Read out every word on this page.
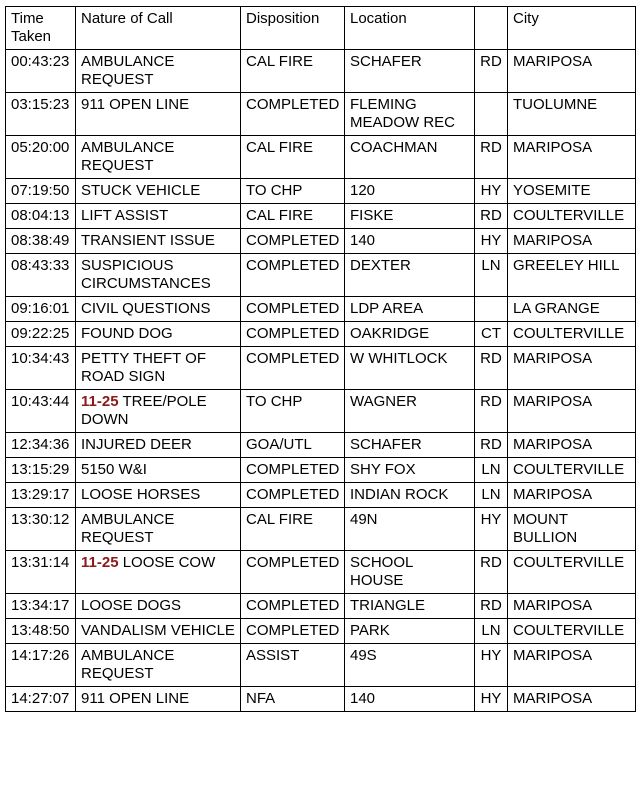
Time Taken	Nature of Call	Disposition	Location		City
00:43:23	AMBULANCE REQUEST	CAL FIRE	SCHAFER	RD	MARIPOSA
03:15:23	911 OPEN LINE	COMPLETED	FLEMING MEADOW REC		TUOLUMNE
05:20:00	AMBULANCE REQUEST	CAL FIRE	COACHMAN	RD	MARIPOSA
07:19:50	STUCK VEHICLE	TO CHP	120	HY	YOSEMITE
08:04:13	LIFT ASSIST	CAL FIRE	FISKE	RD	COULTERVILLE
08:38:49	TRANSIENT ISSUE	COMPLETED	140	HY	MARIPOSA
08:43:33	SUSPICIOUS CIRCUMSTANCES	COMPLETED	DEXTER	LN	GREELEY HILL
09:16:01	CIVIL QUESTIONS	COMPLETED	LDP AREA		LA GRANGE
09:22:25	FOUND DOG	COMPLETED	OAKRIDGE	CT	COULTERVILLE
10:34:43	PETTY THEFT OF ROAD SIGN	COMPLETED	W WHITLOCK	RD	MARIPOSA
10:43:44	11-25 TREE/POLE DOWN	TO CHP	WAGNER	RD	MARIPOSA
12:34:36	INJURED DEER	GOA/UTL	SCHAFER	RD	MARIPOSA
13:15:29	5150 W&I	COMPLETED	SHY FOX	LN	COULTERVILLE
13:29:17	LOOSE HORSES	COMPLETED	INDIAN ROCK	LN	MARIPOSA
13:30:12	AMBULANCE REQUEST	CAL FIRE	49N	HY	MOUNT BULLION
13:31:14	11-25 LOOSE COW	COMPLETED	SCHOOL HOUSE	RD	COULTERVILLE
13:34:17	LOOSE DOGS	COMPLETED	TRIANGLE	RD	MARIPOSA
13:48:50	VANDALISM VEHICLE	COMPLETED	PARK	LN	COULTERVILLE
14:17:26	AMBULANCE REQUEST	ASSIST	49S	HY	MARIPOSA
14:27:07	911 OPEN LINE	NFA	140	HY	MARIPOSA
